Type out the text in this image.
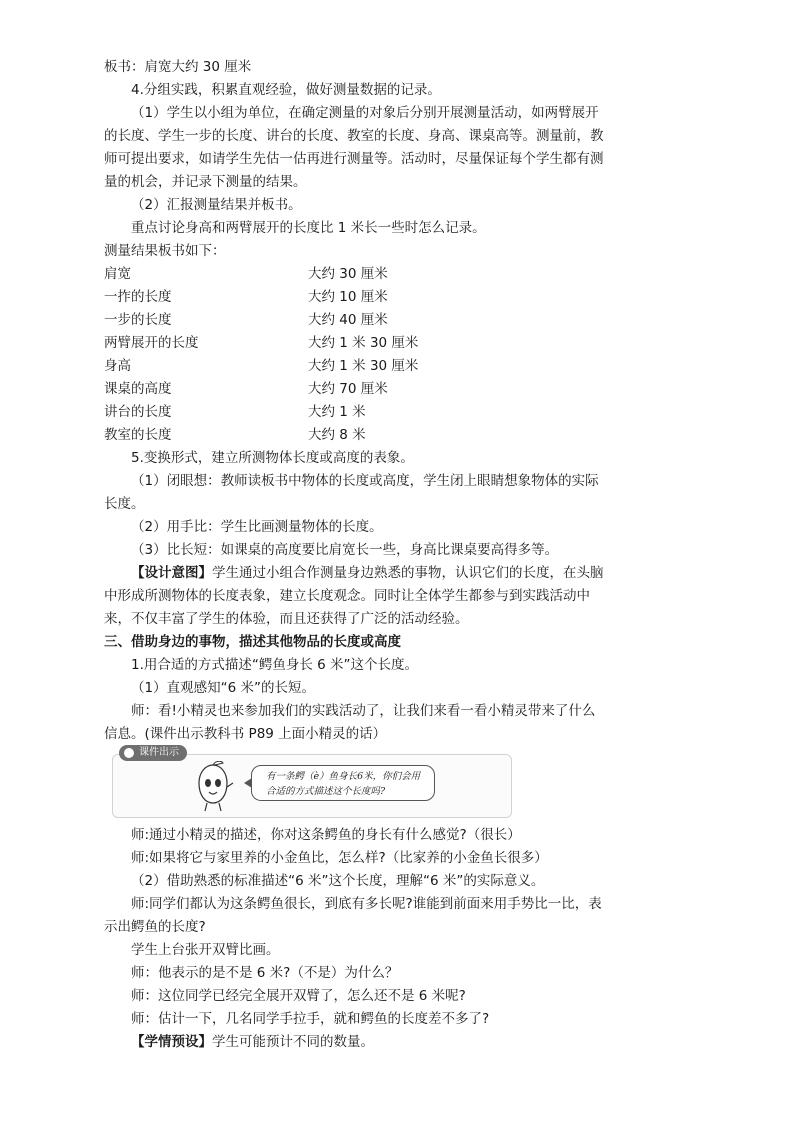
板书：肩宽大约 30 厘米

4.分组实践，积累直观经验，做好测量数据的记录。

（1）学生以小组为单位，在确定测量的对象后分别开展测量活动，如两臂展开的长度、学生一步的长度、讲台的长度、教室的长度、身高、课桌高等。测量前，教师可提出要求，如请学生先估一估再进行测量等。活动时，尽量保证每个学生都有测量的机会，并记录下测量的结果。

（2）汇报测量结果并板书。

重点讨论身高和两臂展开的长度比 1 米长一些时怎么记录。

测量结果板书如下：

肩宽	大约 30 厘米
一拃的长度	大约 10 厘米
一步的长度	大约 40 厘米
两臂展开的长度	大约 1 米 30 厘米
身高	大约 1 米 30 厘米
课桌的高度	大约 70 厘米
讲台的长度	大约 1 米
教室的长度	大约 8 米

5.变换形式，建立所测物体长度或高度的表象。

（1）闭眼想：教师读板书中物体的长度或高度，学生闭上眼睛想象物体的实际长度。

（2）用手比：学生比画测量物体的长度。

（3）比长短：如课桌的高度要比肩宽长一些，身高比课桌要高得多等。

【设计意图】学生通过小组合作测量身边熟悉的事物，认识它们的长度，在头脑中形成所测物体的长度表象，建立长度观念。同时让全体学生都参与到实践活动中来，不仅丰富了学生的体验，而且还获得了广泛的活动经验。

三、借助身边的事物，描述其他物品的长度或高度

1.用合适的方式描述“鳄鱼身长 6 米”这个长度。

（1）直观感知“6 米”的长短。

师：看!小精灵也来参加我们的实践活动了，让我们来看一看小精灵带来了什么信息。(课件出示教科书 P89 上面小精灵的话）

课件出示
有一条鳄（è）鱼身长6米，你们会用合适的方式描述这个长度吗?

师:通过小精灵的描述，你对这条鳄鱼的身长有什么感觉?（很长）

师:如果将它与家里养的小金鱼比，怎么样?（比家养的小金鱼长很多）

（2）借助熟悉的标准描述“6 米”这个长度，理解“6 米”的实际意义。

师:同学们都认为这条鳄鱼很长，到底有多长呢?谁能到前面来用手势比一比，表示出鳄鱼的长度?

学生上台张开双臂比画。

师：他表示的是不是 6 米?（不是）为什么？

师：这位同学已经完全展开双臂了，怎么还不是 6 米呢?

师：估计一下，几名同学手拉手，就和鳄鱼的长度差不多了?

【学情预设】学生可能预计不同的数量。
